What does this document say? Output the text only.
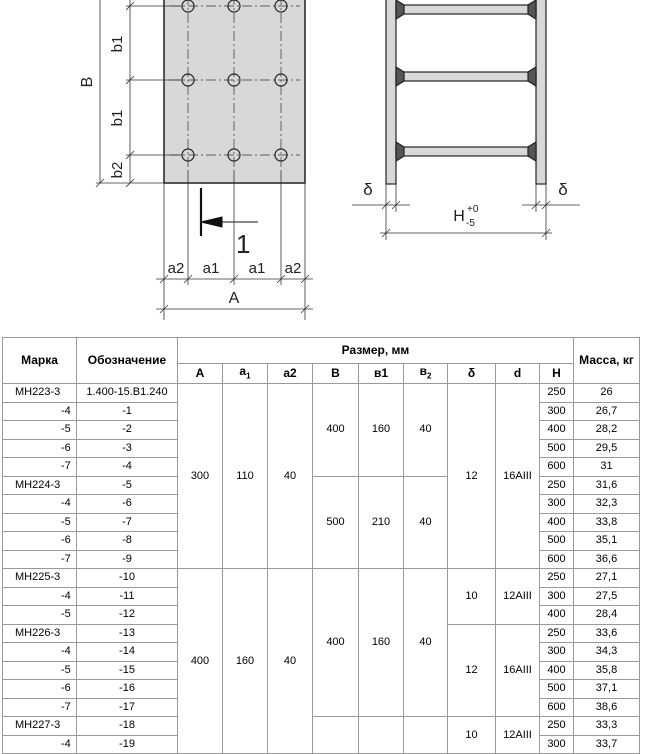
B
b1
b1
b2
1
a2 a1 a1 a2
A
δ	δ
H +0
-5
Марка	Обозначение	Размер, мм									Масса, кг
		А	$a_1$	a2	В	в1	$в_2$	δ	d	H	
МН223-3	1.400-15.В1.240	300	110	40	400	160	40	12	16АIII	250	26
-4	-1									300	26,7
-5	-2									400	28,2
-6	-3									500	29,5
-7	-4									600	31
МН224-3	-5				500	210	40			250	31,6
-4	-6									300	32,3
-5	-7									400	33,8
-6	-8									500	35,1
-7	-9									600	36,6
МН225-3	-10	400	160	40	400	160	40	10	12АIII	250	27,1
-4	-11									300	27,5
-5	-12									400	28,4
МН226-3	-13							12	16АIII	250	33,6
-4	-14									300	34,3
-5	-15									400	35,8
-6	-16									500	37,1
-7	-17									600	38,6
МН227-3	-18							10	12АIII	250	33,3
-4	-19									300	33,7
